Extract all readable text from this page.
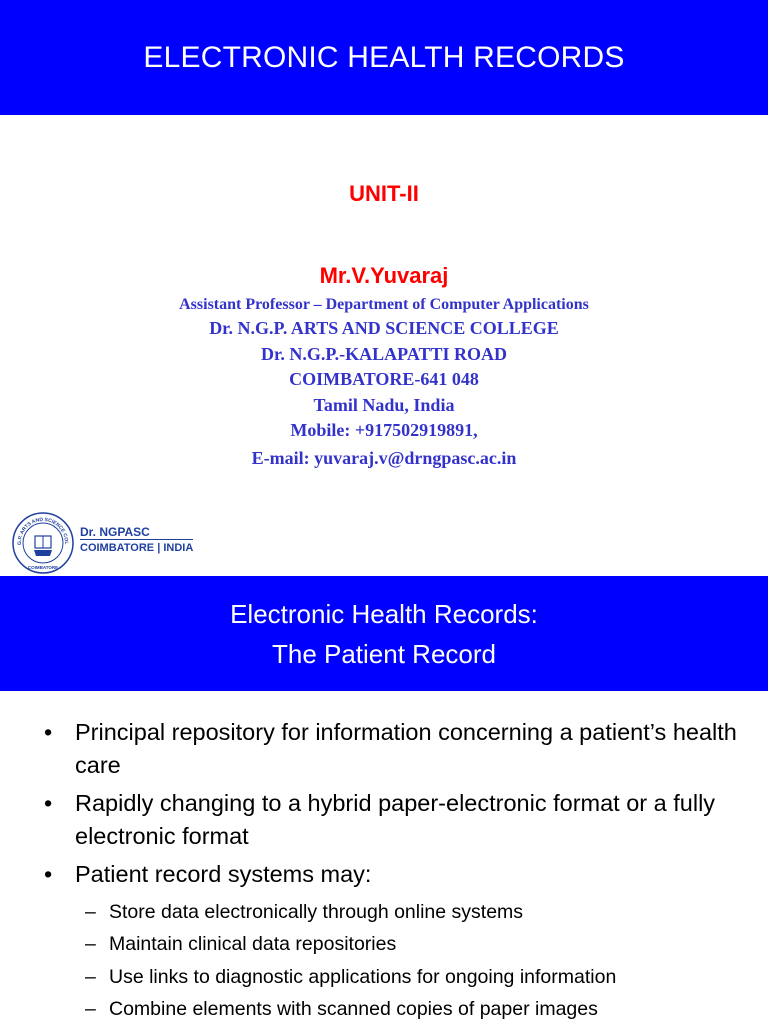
ELECTRONIC HEALTH RECORDS
UNIT-II
Mr.V.Yuvaraj
Assistant Professor – Department of Computer Applications
Dr. N.G.P. ARTS AND SCIENCE COLLEGE
Dr. N.G.P.-KALAPATTI ROAD
COIMBATORE-641 048
Tamil Nadu, India
Mobile: +917502919891,
E-mail: yuvaraj.v@drngpasc.ac.in
G.P. ARTS AND SCIENCE COL
COIMBATORE
Dr. NGPASC
COIMBATORE | INDIA
Electronic Health Records:
The Patient Record
• Principal repository for information concerning a patient’s health care
• Rapidly changing to a hybrid paper-electronic format or a fully electronic format
• Patient record systems may:
– Store data electronically through online systems
– Maintain clinical data repositories
– Use links to diagnostic applications for ongoing information
– Combine elements with scanned copies of paper images
